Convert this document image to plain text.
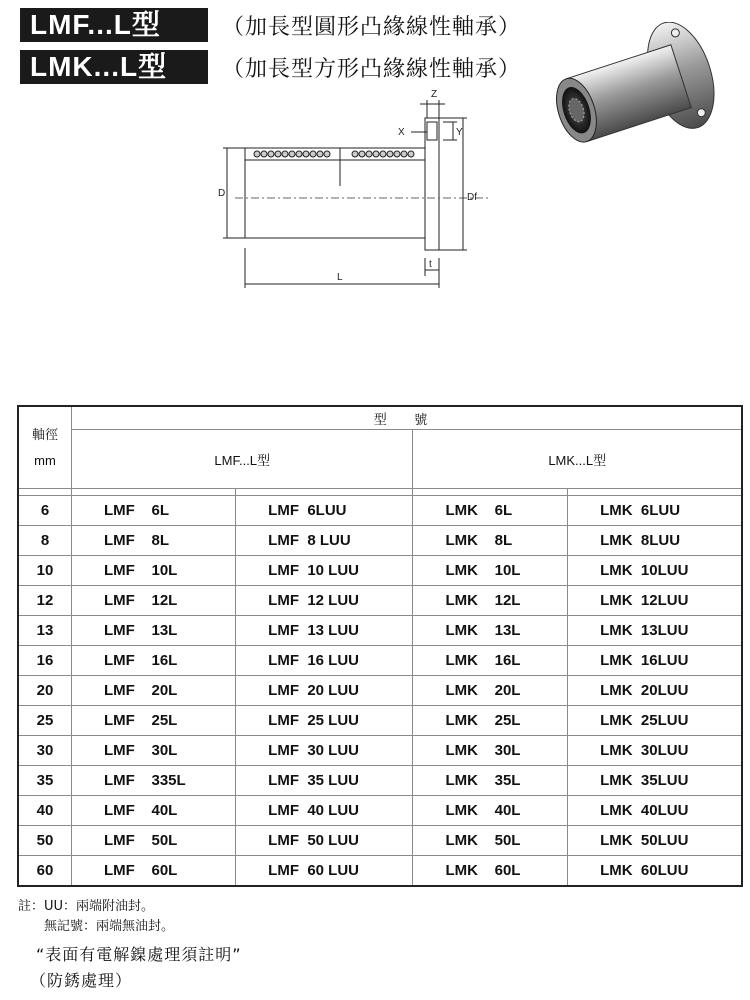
LMF...L型	（加長型圓形凸緣線性軸承）
LMK...L型	（加長型方形凸緣線性軸承）
Z
X	Y
D	Df
L
t
軸徑
mm	型 號			
	LMF...L型		LMK...L型	

6	LMF    6L	LMF  6LUU	LMK    6L	LMK  6LUU
8	LMF    8L	LMF  8 LUU	LMK    8L	LMK  8LUU
10	LMF    10L	LMF  10 LUU	LMK    10L	LMK  10LUU
12	LMF    12L	LMF  12 LUU	LMK    12L	LMK  12LUU
13	LMF    13L	LMF  13 LUU	LMK    13L	LMK  13LUU
16	LMF    16L	LMF  16 LUU	LMK    16L	LMK  16LUU
20	LMF    20L	LMF  20 LUU	LMK    20L	LMK  20LUU
25	LMF    25L	LMF  25 LUU	LMK    25L	LMK  25LUU
30	LMF    30L	LMF  30 LUU	LMK    30L	LMK  30LUU
35	LMF    335L	LMF  35 LUU	LMK    35L	LMK  35LUU
40	LMF    40L	LMF  40 LUU	LMK    40L	LMK  40LUU
50	LMF    50L	LMF  50 LUU	LMK    50L	LMK  50LUU
60	LMF    60L	LMF  60 LUU	LMK    60L	LMK  60LUU
註：UU：兩端附油封。
無記號：兩端無油封。
“表面有電解鎳處理須註明”
（防銹處理）
